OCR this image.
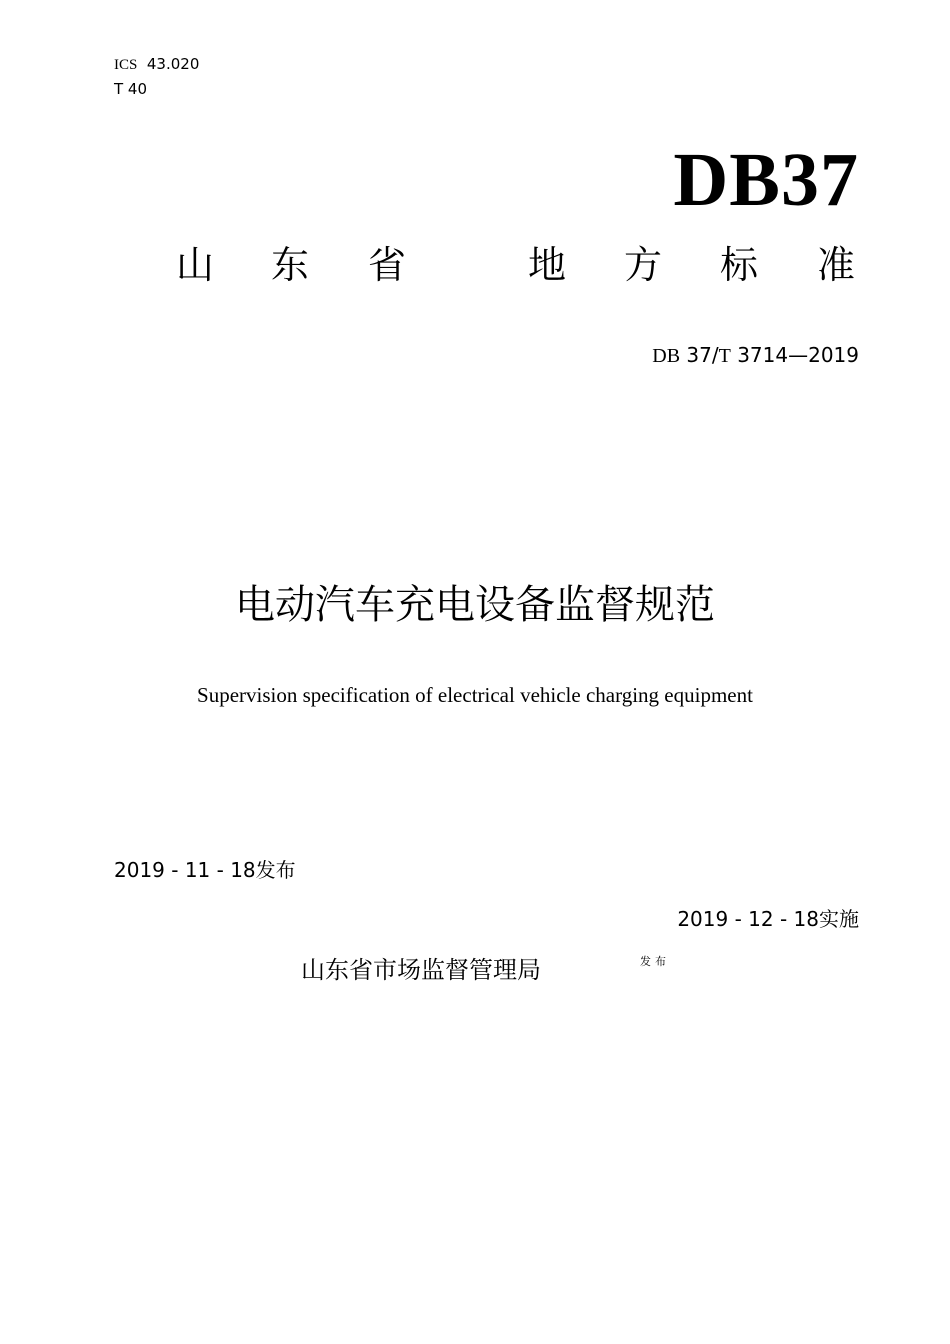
ICS 43.020
T 40
DB37
山 东 省	地 方 标 准
DB 37/T 3714—2019
电动汽车充电设备监督规范
Supervision specification of electrical vehicle charging equipment
2019 - 11 - 18发布
2019 - 12 - 18实施
山东省市场监督管理局	发布
